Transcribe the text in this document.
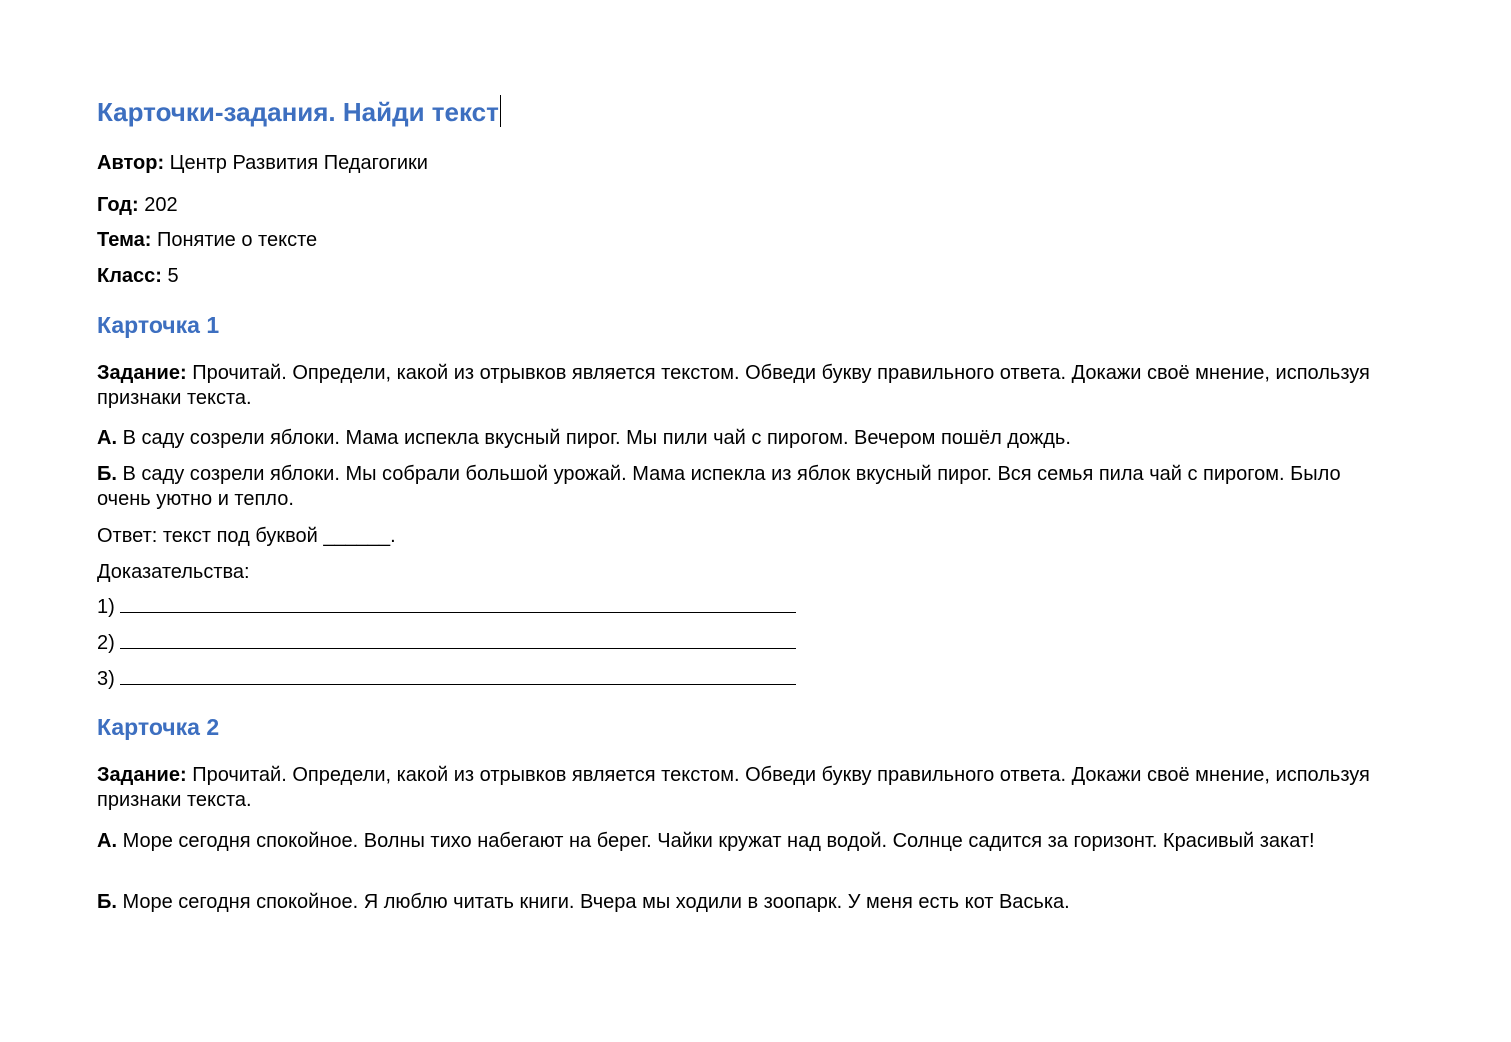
Карточки-задания. Найди текст
Автор: Центр Развития Педагогики
Год: 202
Тема: Понятие о тексте
Класс: 5
Карточка 1
Задание: Прочитай. Определи, какой из отрывков является текстом. Обведи букву правильного ответа. Докажи своё мнение, используя признаки текста.
А. В саду созрели яблоки. Мама испекла вкусный пирог. Мы пили чай с пирогом. Вечером пошёл дождь.
Б. В саду созрели яблоки. Мы собрали большой урожай. Мама испекла из яблок вкусный пирог. Вся семья пила чай с пирогом. Было очень уютно и тепло.
Ответ: текст под буквой ______.
Доказательства:
1)
2)
3)
Карточка 2
Задание: Прочитай. Определи, какой из отрывков является текстом. Обведи букву правильного ответа. Докажи своё мнение, используя признаки текста.
А. Море сегодня спокойное. Волны тихо набегают на берег. Чайки кружат над водой. Солнце садится за горизонт. Красивый закат!
Б. Море сегодня спокойное. Я люблю читать книги. Вчера мы ходили в зоопарк. У меня есть кот Васька.
